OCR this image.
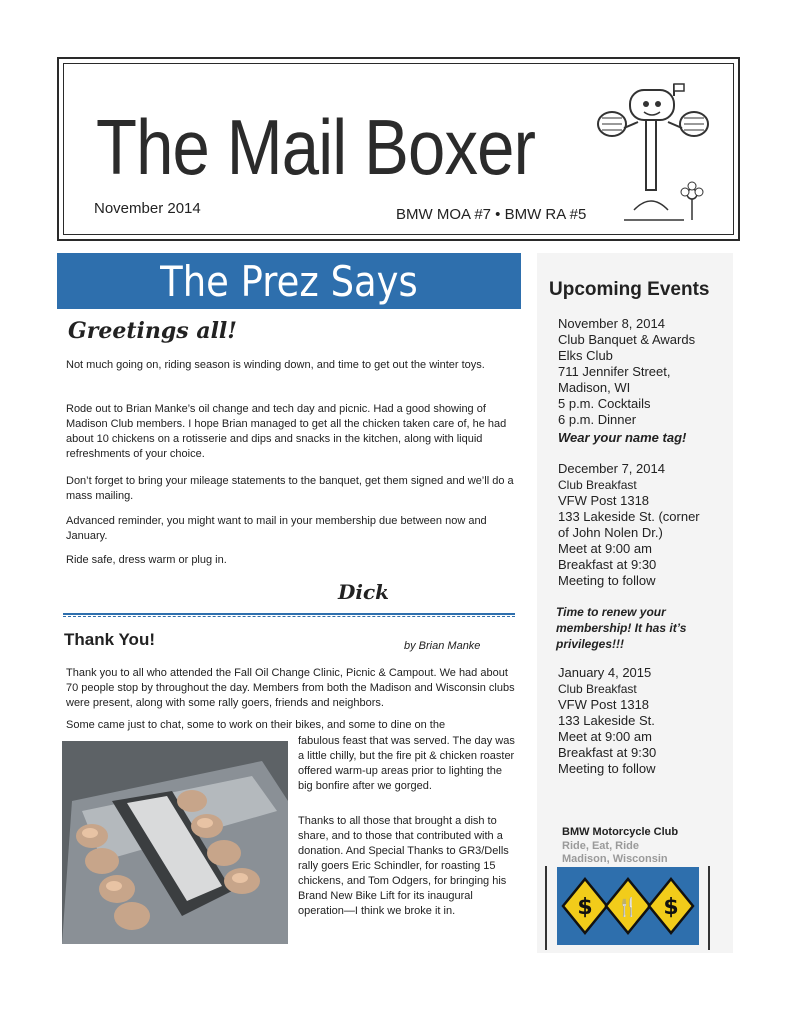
The Mail Boxer
November 2014	BMW MOA #7 • BMW RA #5
The Prez Says
Greetings all!

Not much going on, riding season is winding down, and time to get out the winter toys.

Rode out to Brian Manke’s oil change and tech day and picnic. Had a good showing of Madison Club members. I hope Brian managed to get all the chicken taken care of, he had about 10 chickens on a rotisserie and dips and snacks in the kitchen, along with liquid refreshments of your choice.

Don’t forget to bring your mileage statements to the banquet, get them signed and we’ll do a mass mailing.

Advanced reminder, you might want to mail in your membership due between now and January.

Ride safe, dress warm or plug in.

Dick
Thank You!	by Brian Manke

Thank you to all who attended the Fall Oil Change Clinic, Picnic & Campout. We had about 70 people stop by throughout the day. Members from both the Madison and Wisconsin clubs were present, along with some rally goers, friends and neighbors.

Some came just to chat, some to work on their bikes, and some to dine on the

fabulous feast that was served. The day was a little chilly, but the fire pit & chicken roaster offered warm-up areas prior to lighting the big bonfire after we gorged.

Thanks to all those that brought a dish to share, and to those that contributed with a donation. And Special Thanks to GR3/Dells rally goers Eric Schindler, for roasting 15 chickens, and Tom Odgers, for bringing his Brand New Bike Lift for its inaugural operation—I think we broke it in.

Upcoming Events
November 8, 2014
Club Banquet & Awards
Elks Club
711 Jennifer Street,
Madison, WI
5 p.m. Cocktails
6 p.m. Dinner
Wear your name tag!
December 7, 2014
Club Breakfast
VFW Post 1318
133 Lakeside St. (corner
of John Nolen Dr.)
Meet at 9:00 am
Breakfast at 9:30
Meeting to follow
Time to renew your membership! It has it’s privileges!!!
January 4, 2015
Club Breakfast
VFW Post 1318
133 Lakeside St.
Meet at 9:00 am
Breakfast at 9:30
Meeting to follow
BMW Motorcycle Club
Ride, Eat, Ride
Madison, Wisconsin
$ 🍴 $
